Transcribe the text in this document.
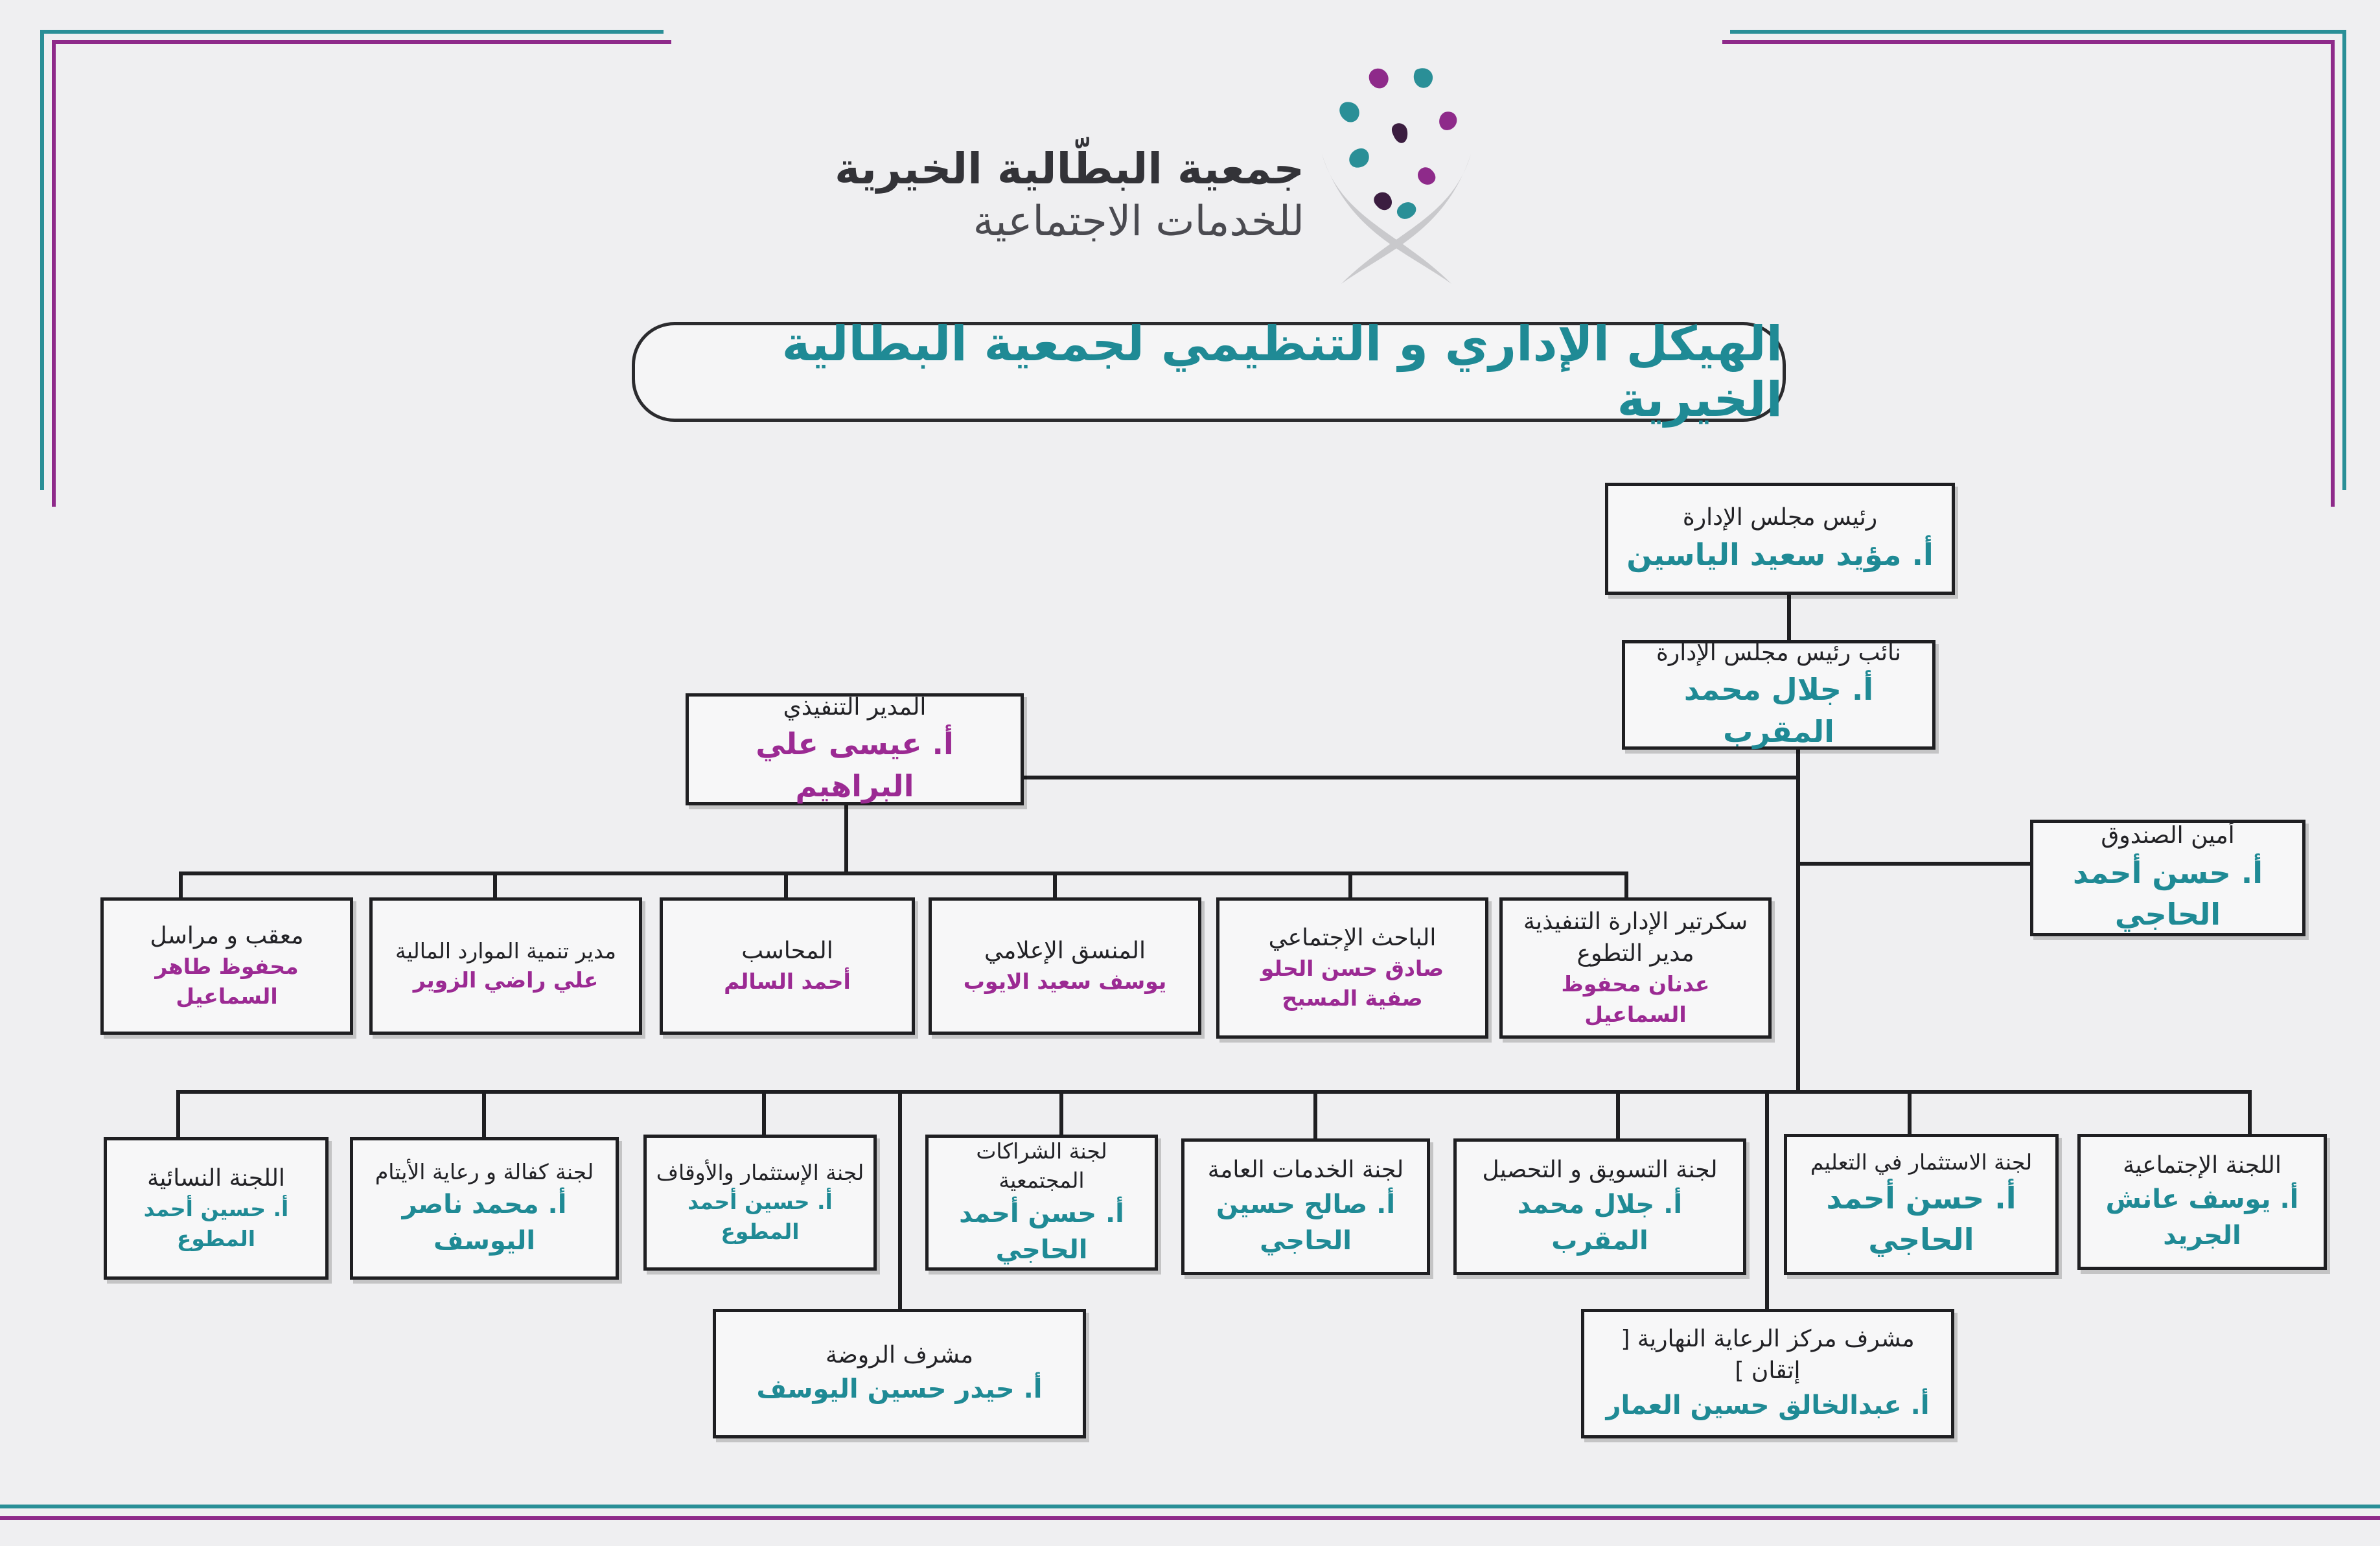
جمعية البطّالية الخيرية
للخدمات الاجتماعية
الهيكل الإداري و التنظيمي لجمعية البطالية الخيرية
رئيس مجلس الإدارة
أ. مؤيد سعيد الياسين
نائب رئيس مجلس الإدارة
أ. جلال محمد المقرب
المدير التنفيذي
أ. عيسى علي البراهيم
أمين الصندوق
أ. حسن أحمد الحاجي
سكرتير الإدارة التنفيذية
مدير التطوع
عدنان محفوظ السماعيل
الباحث الإجتماعي
صادق حسن الحلو
صفية المسبح
المنسق الإعلامي
يوسف سعيد الايوب
المحاسب
أحمد السالم
مدير تنمية الموارد المالية
علي راضي الزوير
معقب و مراسل
محفوظ طاهر السماعيل
اللجنة الإجتماعية
أ. يوسف عانش الجريد
لجنة الاستثمار في التعليم
أ. حسن أحمد الحاجي
لجنة التسويق و التحصيل
أ. جلال محمد المقرب
لجنة الخدمات العامة
أ. صالح حسين الحاجي
لجنة الشراكات المجتمعية
أ. حسن أحمد الحاجي
لجنة الإستثمار والأوقاف
أ. حسين أحمد المطوع
لجنة كفالة و رعاية الأيتام
أ. محمد ناصر اليوسف
اللجنة النسائية
أ. حسين أحمد المطوع
مشرف مركز الرعاية النهارية [ إتقان ]
أ. عبدالخالق حسين العمار
مشرف الروضة
أ. حيدر حسين اليوسف
